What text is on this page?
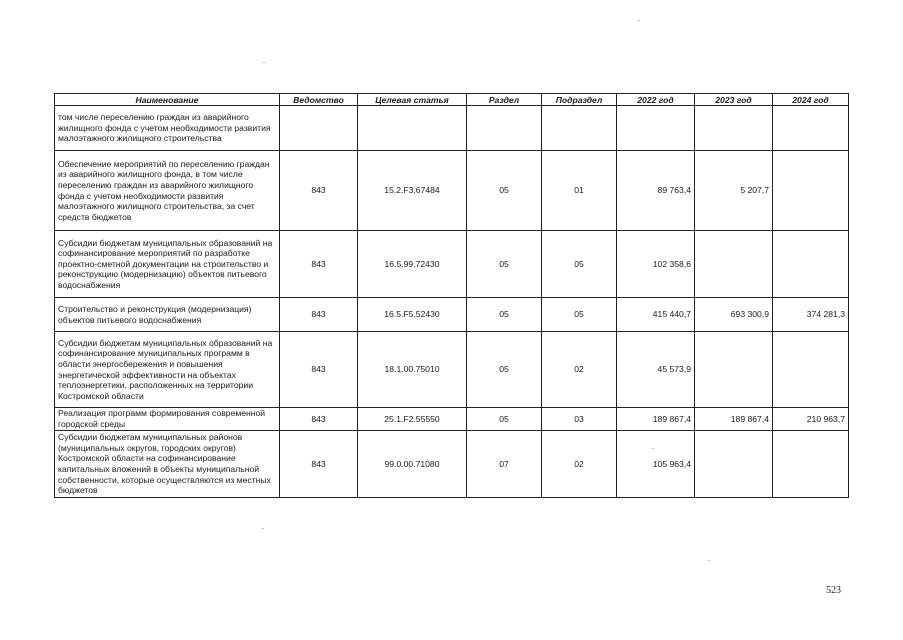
Наименование	Ведомство	Целевая статья	Раздел	Подраздел	2022 год	2023 год	2024 год
том числе переселению граждан из аварийного жилищного фонда с учетом необходимости развития малоэтажного жилищного строительства							
Обеспечение мероприятий по переселению граждан из аварийного жилищного фонда, в том числе переселению граждан из аварийного жилищного фонда с учетом необходимости развития малоэтажного жилищного строительства, за счет средств бюджетов	843	15.2.F3.67484	05	01	89 763,4	5 207,7	
Субсидии бюджетам муниципальных образований на софинансирование мероприятий по разработке проектно-сметной документации на строительство и реконструкцию (модернизацию) объектов питьевого водоснабжения	843	16.5.99.72430	05	05	102 358,6		
Строительство и реконструкция (модернизация) объектов питьевого водоснабжения	843	16.5.F5.52430	05	05	415 440,7	693 300,9	374 281,3
Субсидии бюджетам муниципальных образований на софинансирование муниципальных программ в области энергосбережения и повышения энергетической эффективности на объектах теплоэнергетики, расположенных на территории Костромской области	843	18.1.00.75010	05	02	45 573,9		
Реализация программ формирования современной городской среды	843	25.1.F2.55550	05	03	189 867,4	189 867,4	210 963,7
Субсидии бюджетам муниципальных районов (муниципальных округов, городских округов) Костромской области на софинансирование капитальных вложений в объекты муниципальной собственности, которые осуществляются из местных бюджетов	843	99.0.00.71080	07	02	105 963,4		
523
